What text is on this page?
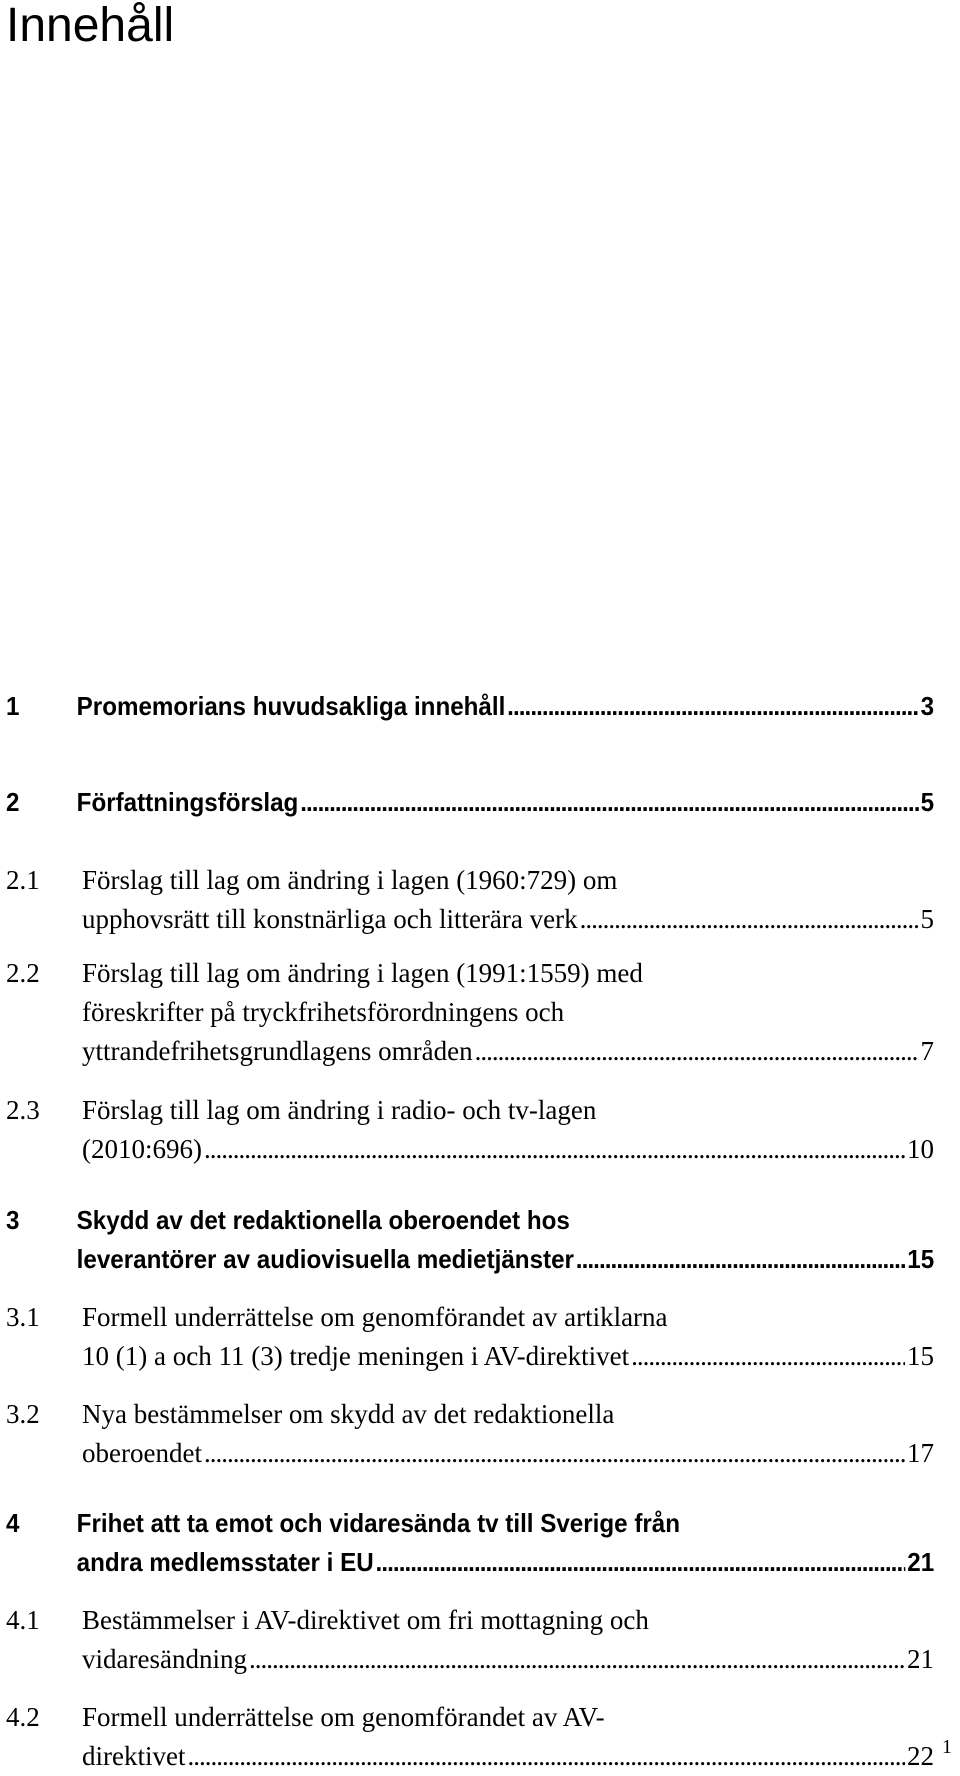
Innehåll
1 Promemorians huvudsakliga innehåll .....	3
2 Författningsförslag .....	5
2.1 Förslag till lag om ändring i lagen (1960:729) om
upphovsrätt till konstnärliga och litterära verk .....	5
2.2 Förslag till lag om ändring i lagen (1991:1559) med
föreskrifter på tryckfrihetsförordningens och
yttrandefrihetsgrundlagens områden .....	7
2.3 Förslag till lag om ändring i radio- och tv-lagen
(2010:696) .....	10
3 Skydd av det redaktionella oberoendet hos
leverantörer av audiovisuella medietjänster .....	15
3.1 Formell underrättelse om genomförandet av artiklarna
10 (1) a och 11 (3) tredje meningen i AV-direktivet .....	15
3.2 Nya bestämmelser om skydd av det redaktionella
oberoendet .....	17
4 Frihet att ta emot och vidaresända tv till Sverige från
andra medlemsstater i EU .....	21
4.1 Bestämmelser i AV-direktivet om fri mottagning och
vidaresändning .....	21
4.2 Formell underrättelse om genomförandet av AV-
direktivet .....	22 1
